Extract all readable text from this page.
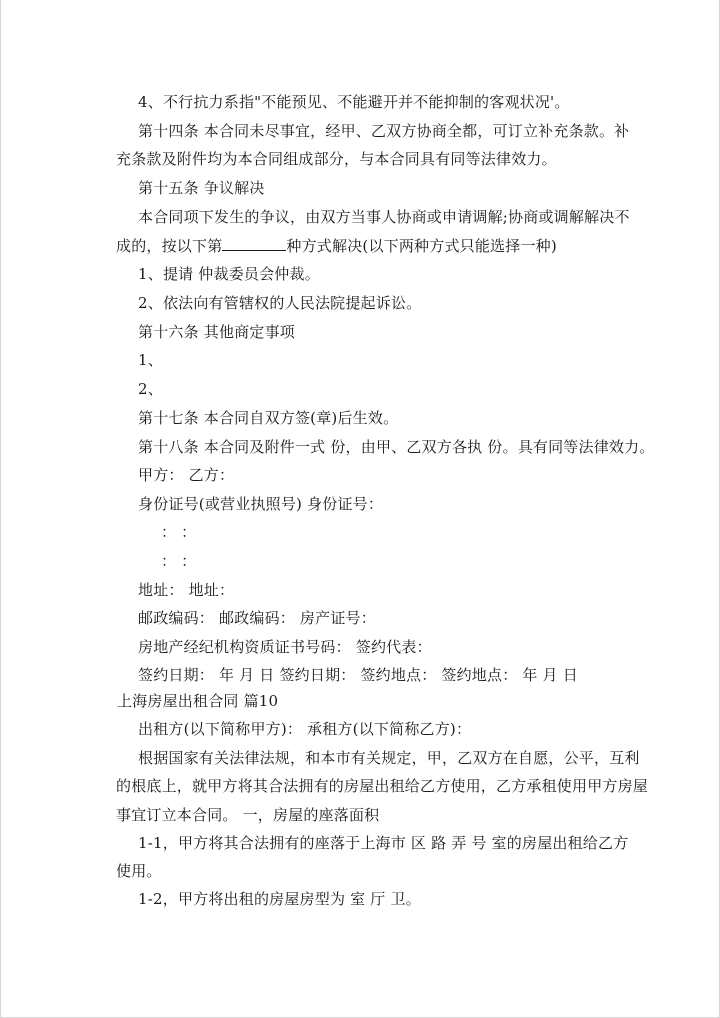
4、不行抗力系指"不能预见、不能避开并不能抑制的客观状况'。
第十四条 本合同未尽事宜，经甲、乙双方协商全都，可订立补充条款。补
充条款及附件均为本合同组成部分，与本合同具有同等法律效力。
第十五条 争议解决
本合同项下发生的争议，由双方当事人协商或申请调解;协商或调解解决不
成的，按以下第	种方式解决(以下两种方式只能选择一种)
1、提请 仲裁委员会仲裁。
2、依法向有管辖权的人民法院提起诉讼。
第十六条 其他商定事项
1、
2、
第十七条 本合同自双方签(章)后生效。
第十八条 本合同及附件一式 份，由甲、乙双方各执 份。具有同等法律效力。
甲方： 乙方：
身份证号(或营业执照号) 身份证号：
： ：
： ：
地址： 地址：
邮政编码： 邮政编码： 房产证号：
房地产经纪机构资质证书号码： 签约代表：
签约日期： 年 月 日 签约日期： 签约地点： 签约地点： 年 月 日
上海房屋出租合同 篇10
出租方(以下简称甲方)： 承租方(以下简称乙方)：
根据国家有关法律法规，和本市有关规定，甲，乙双方在自愿，公平，互利
的根底上，就甲方将其合法拥有的房屋出租给乙方使用，乙方承租使用甲方房屋
事宜订立本合同。 一，房屋的座落面积
1-1，甲方将其合法拥有的座落于上海市 区 路 弄 号 室的房屋出租给乙方
使用。
1-2，甲方将出租的房屋房型为 室 厅 卫。
